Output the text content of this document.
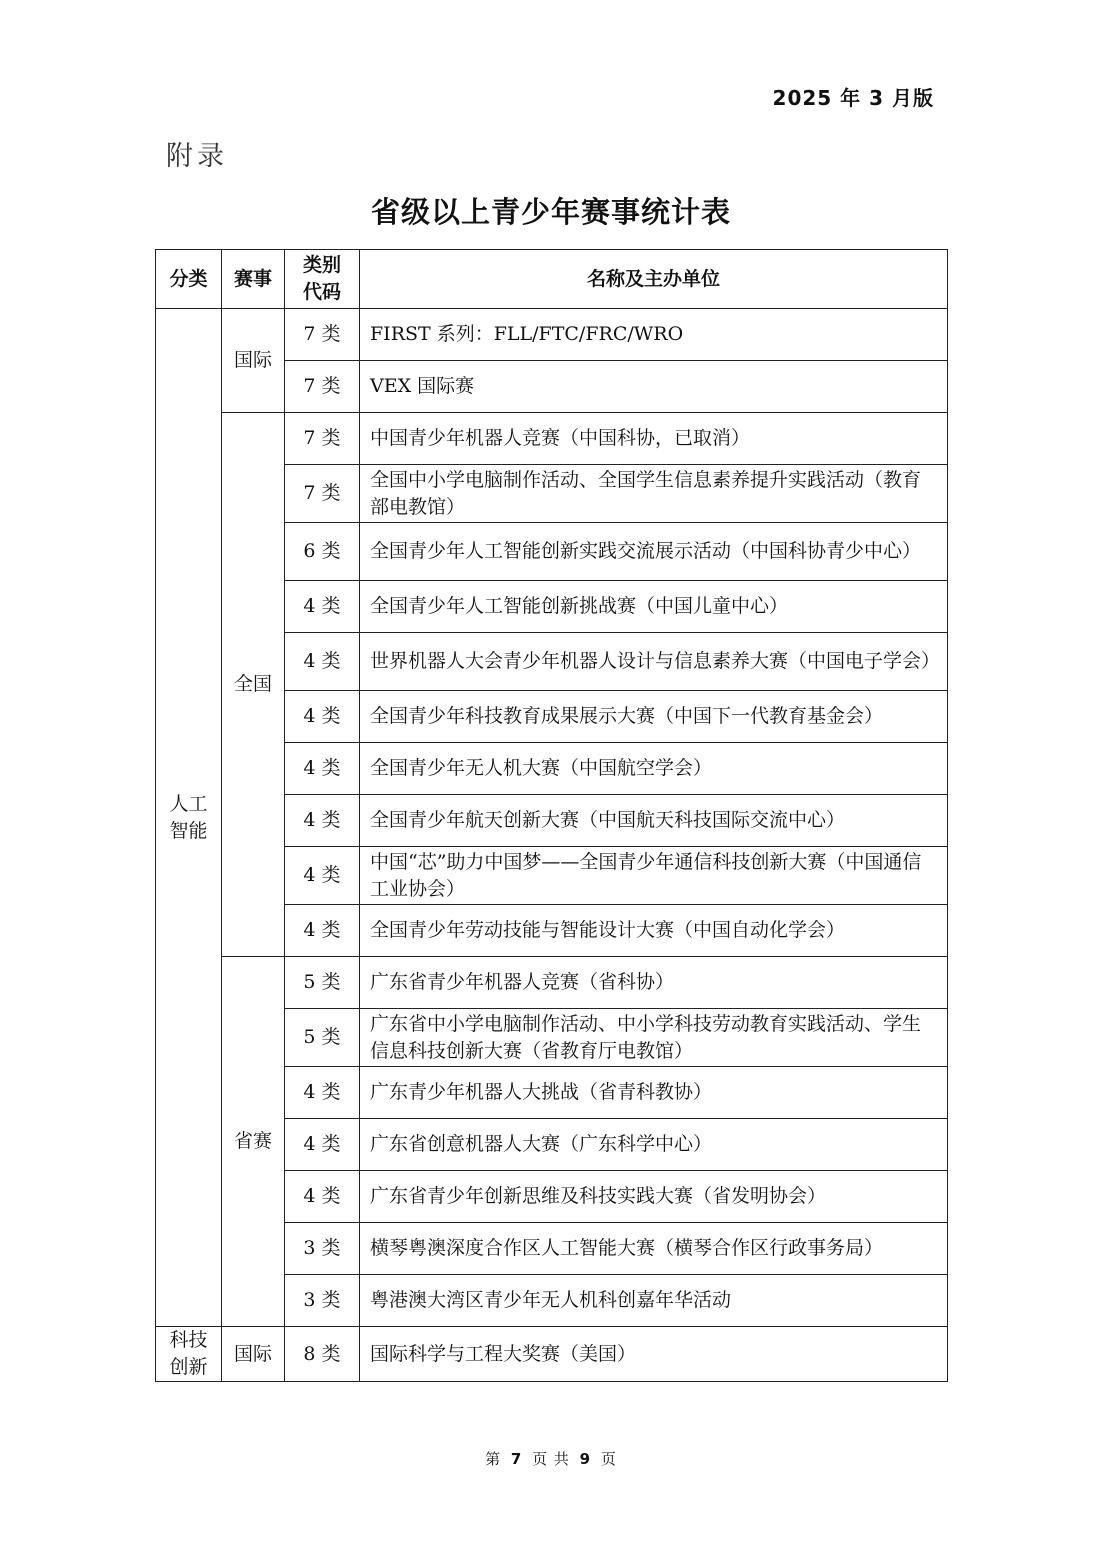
2025 年 3 月版
附录
省级以上青少年赛事统计表
分类	赛事	类别代码	名称及主办单位
人工智能	国际	7 类	FIRST 系列：FLL/FTC/FRC/WRO
		7 类	VEX 国际赛
	全国	7 类	中国青少年机器人竞赛（中国科协，已取消）
		7 类	全国中小学电脑制作活动、全国学生信息素养提升实践活动（教育部电教馆）
		6 类	全国青少年人工智能创新实践交流展示活动（中国科协青少中心）
		4 类	全国青少年人工智能创新挑战赛（中国儿童中心）
		4 类	世界机器人大会青少年机器人设计与信息素养大赛（中国电子学会）
		4 类	全国青少年科技教育成果展示大赛（中国下一代教育基金会）
		4 类	全国青少年无人机大赛（中国航空学会）
		4 类	全国青少年航天创新大赛（中国航天科技国际交流中心）
		4 类	中国“芯”助力中国梦——全国青少年通信科技创新大赛（中国通信工业协会）
		4 类	全国青少年劳动技能与智能设计大赛（中国自动化学会）
	省赛	5 类	广东省青少年机器人竞赛（省科协）
		5 类	广东省中小学电脑制作活动、中小学科技劳动教育实践活动、学生信息科技创新大赛（省教育厅电教馆）
		4 类	广东青少年机器人大挑战（省青科教协）
		4 类	广东省创意机器人大赛（广东科学中心）
		4 类	广东省青少年创新思维及科技实践大赛（省发明协会）
		3 类	横琴粤澳深度合作区人工智能大赛（横琴合作区行政事务局）
		3 类	粤港澳大湾区青少年无人机科创嘉年华活动
科技创新	国际	8 类	国际科学与工程大奖赛（美国）
第 7 页 共 9 页
